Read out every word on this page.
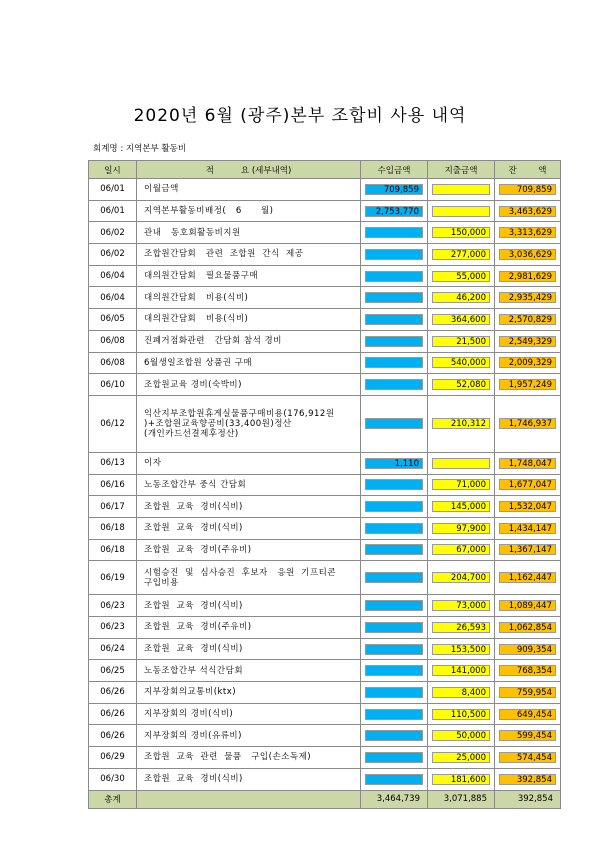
2020년 6월 (광주)본부 조합비 사용 내역
회계명 : 지역본부 활동비
일시	적          요 (세부내역)	수입금액	지출금액	잔        액
06/01	이월금액	709,859		709,859

06/01	지역본부활동비배정(   6      월)	2,753,770		3,463,629

06/02	관내   동호회활동비지원		150,000	3,313,629

06/02	조합원간담회   관련  조합원  간식  제공		277,000	3,036,629

06/04	대의원간담회   필요물품구매		55,000	2,981,629

06/04	대의원간담회   비용(식비)		46,200	2,935,429

06/05	대의원간담회   비용(식비)		364,600	2,570,829

06/08	진폐거점화관련   간담회 참석 경비		21,500	2,549,329

06/08	6월생일조합원 상품권 구매		540,000	2,009,329

06/10	조합원교육 경비(숙박비)		52,080	1,957,249

06/12	익산지부조합원휴게실물품구매비용(176,912원
)+조합원교육향공비(33,400원)정산
(개인카드선결제후정산)		210,312	1,746,937

06/13	이자	1,110		1,748,047

06/16	노동조합간부 중식 간담회		71,000	1,677,047

06/17	조합원  교육  경비(식비)		145,000	1,532,047

06/18	조합원  교육  경비(식비)		97,900	1,434,147

06/18	조합원  교육  경비(주유비)		67,000	1,367,147

06/19	시험승진  및  심사승진  후보자   응원  기프티콘
구입비용		204,700	1,162,447

06/23	조합원  교육  경비(식비)		73,000	1,089,447

06/23	조합원  교육  경비(주유비)		26,593	1,062,854

06/24	조합원  교육  경비(식비)		153,500	909,354

06/25	노동조합간부 석식간담회		141,000	768,354

06/26	지부장회의교통비(ktx)		8,400	759,954

06/26	지부장회의 경비(식비)		110,500	649,454

06/26	지부장회의 경비(유류비)		50,000	599,454

06/29	조합원  교육  관련  물품   구입(손소독제)		25,000	574,454

06/30	조합원  교육  경비(식비)		181,600	392,854

총계		3,464,739	3,071,885	392,854
